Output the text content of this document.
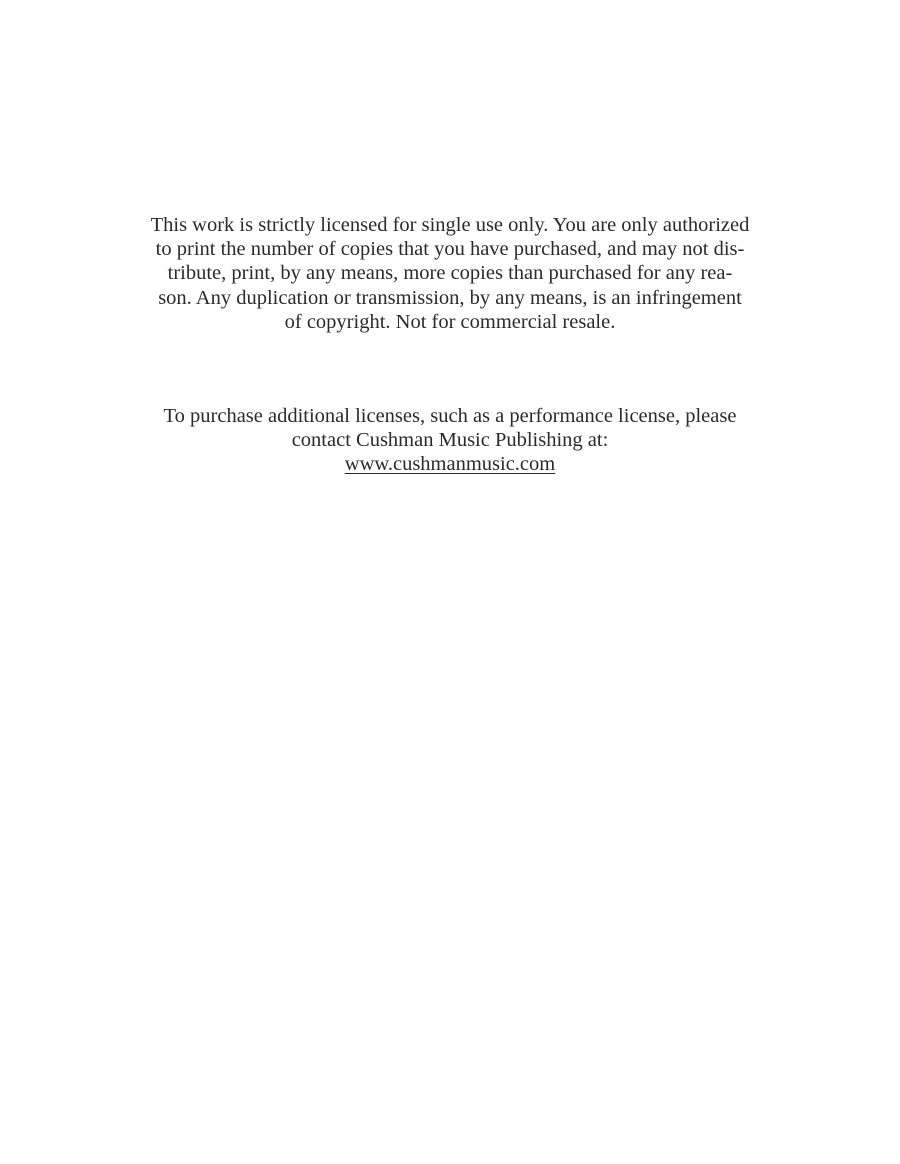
This work is strictly licensed for single use only. You are only authorized
to print the number of copies that you have purchased, and may not dis-
tribute, print, by any means, more copies than purchased for any rea-
son. Any duplication or transmission, by any means, is an infringement
of copyright. Not for commercial resale.

To purchase additional licenses, such as a performance license, please
contact Cushman Music Publishing at:
www.cushmanmusic.com
